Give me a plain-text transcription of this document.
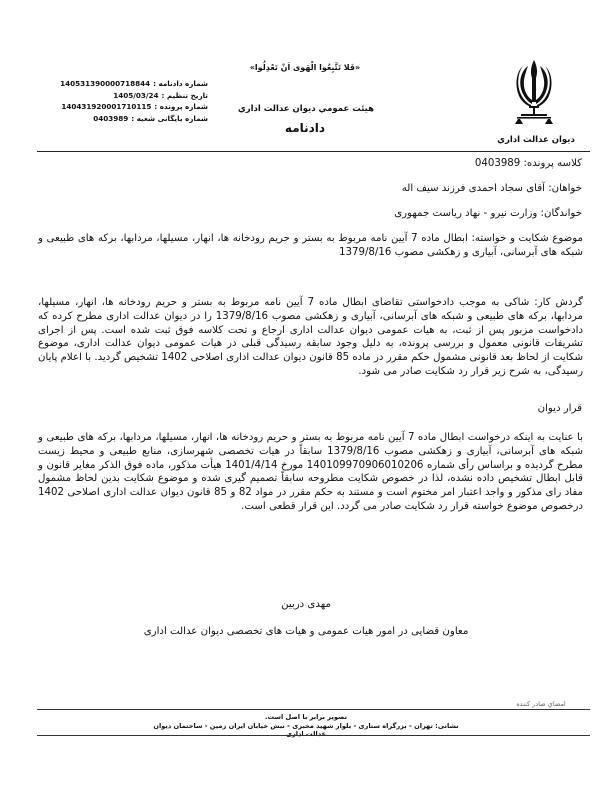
ديوان عدالت اداري
«فَلا تَتَّبِعُوا الْهَوى اَنْ تَعْدِلُوا»
هيئت عمومي ديوان عدالت اداري
دادنامه
شماره دادنامه :
140531390000718844
تاریخ تنظیم :
1405/03/24
شماره پرونده :
140431920001710115
شماره بایگانی شعبه :
0403989
کلاسه پرونده: 0403989
خواهان: آقای سجاد احمدی فرزند سیف اله
خواندگان: وزارت نیرو - نهاد ریاست جمهوری
موضوع شکایت و خواسته: ابطال ماده 7 آیین نامه مربوط به بستر و حریم رودخانه ها، انهار، مسیلها، مردابها، برکه های طبیعی و شبکه های آبرسانی، آبیاری و زهکشی مصوب 1379/8/16
گردش کار: شاکی به موجب دادخواستی تقاضای ابطال ماده 7 آیین نامه مربوط به بستر و حریم رودخانه ها، انهار، مسیلها، مردابها، برکه های طبیعی و شبکه های آبرسانی، آبیاری و زهکشی مصوب 1379/8/16 را در دیوان عدالت اداری مطرح کرده که دادخواست مزبور پس از ثبت، به هیات عمومی دیوان عدالت اداری ارجاع و تحت کلاسه فوق ثبت شده است. پس از اجرای تشریفات قانونی معمول و بررسی پرونده، به دلیل وجود سابقه رسیدگی قبلی در هیات عمومی دیوان عدالت اداری، موضوع شکایت از لحاظ بعد قانونی مشمول حکم مقرر در ماده 85 قانون دیوان عدالت اداری اصلاحی 1402 تشخیص گردید. با اعلام پایان رسیدگی، به شرح زیر قرار رد شکایت صادر می شود.
قرار دیوان
با عنایت به اینکه درخواست ابطال ماده 7 آیین نامه مربوط به بستر و حریم رودخانه ها، انهار، مسیلها، مردابها، برکه های طبیعی و شبکه های آبرسانی، آبیاری و زهکشی مصوب 1379/8/16 سابقاً در هیات تخصصی شهرسازی، منابع طبیعی و محیط زیست مطرح گردیده و براساس رأی شماره 140109970906010206 مورخ 1401/4/14 هیأت مذکور، ماده فوق الذکر مغایر قانون و قابل ابطال تشخیص داده نشده، لذا در خصوص شکایت مطروحه سابقاً تصمیم گیری شده و موضوع شکایت بدین لحاظ مشمول مفاد رای مذکور و واجد اعتبار امر مختوم است و مستند به حکم مقرر در مواد 82 و 85 قانون دیوان عدالت اداری اصلاحی 1402 درخصوص موضوع خواسته قرار رد شکایت صادر می گردد. این قرار قطعی است.
مهدی دربین
معاون قضایی در امور هیات عمومی و هیات های تخصصی دیوان عدالت اداری
امضاي صادر كننده
تصویر برابر با اصل است.
نشانی: تهران - بزرگراه ستاری - بلوار شهید مخبری - نبش خیابان ایران زمین - ساختمان دیوان عدالت اداری
